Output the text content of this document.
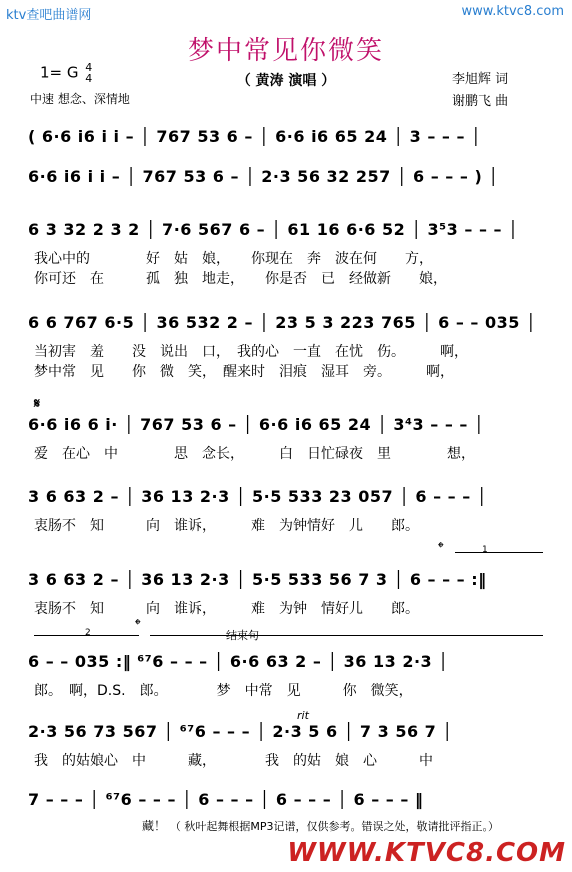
ktv查吧曲谱网	www.ktvc8.com
梦中常见你微笑
（ 黄涛 演唱 ）
1= G 4
4
中速 想念、深情地
李旭辉 词
谢鹏飞 曲
( 6·6 i6 i i – │ 767 53 6 – │ 6·6 i6 65 24 │ 3 – – – │
6·6 i6 i i – │ 767 53 6 – │ 2·3 56 32 257 │ 6 – – – ) │
6 3 32 2 3 2 │ 7·6 567 6 – │ 61 16 6·6 52 │ 3⁵3 – – – │
我心中的　　　　好　姑　娘，　　你现在　奔　波在何　　方，
你可还　在　　　孤　独　地走，　　你是否　已　经做新　　娘，
6 6 767 6·5 │ 36 532 2 – │ 23 5 3 223 765 │ 6 – – 035 │
当初害　羞　　没　说出　口，　我的心　一直　在忧　伤。　　　啊，
梦中常　见　　你　微　笑，　醒来时　泪痕　湿耳　旁。　　　啊，
𝄋
6·6 i6 6 i· │ 767 53 6 – │ 6·6 i6 65 24 │ 3⁴3 – – – │
爱　在心　中　　　　思　念长，　　　白　日忙碌夜　里　　　　想，
3 6 63 2 – │ 36 13 2·3 │ 5·5 533 23 057 │ 6 – – – │
衷肠不　知　　　向　谁诉，　　　难　为钟情好　儿　　郎。
𝄌	1
3 6 63 2 – │ 36 13 2·3 │ 5·5 533 56 7 3 │ 6 – – – :‖
衷肠不　知　　　向　谁诉，　　　难　为钟　情好儿　　郎。
2	𝄌
结束句
6 – – 035 :‖ ⁶⁷6 – – – │ 6·6 63 2 – │ 36 13 2·3 │
郎。　啊，D.S.　郎。　　　　梦　中常　见　　　你　微笑，
rit
2·3 56 73 567 │ ⁶⁷6 – – – │ 2·3 5 6 │ 7 3 56 7 │
我　的姑娘心　中　　　藏，　　　　我　的姑　娘　心　　　中
7 – – – │ ⁶⁷6 – – – │ 6 – – – │ 6 – – – │ 6 – – – ‖
藏！ （ 秋叶起舞根据MP3记谱，仅供参考。错误之处，敬请批评指正。）
WWW.KTVC8.COM
